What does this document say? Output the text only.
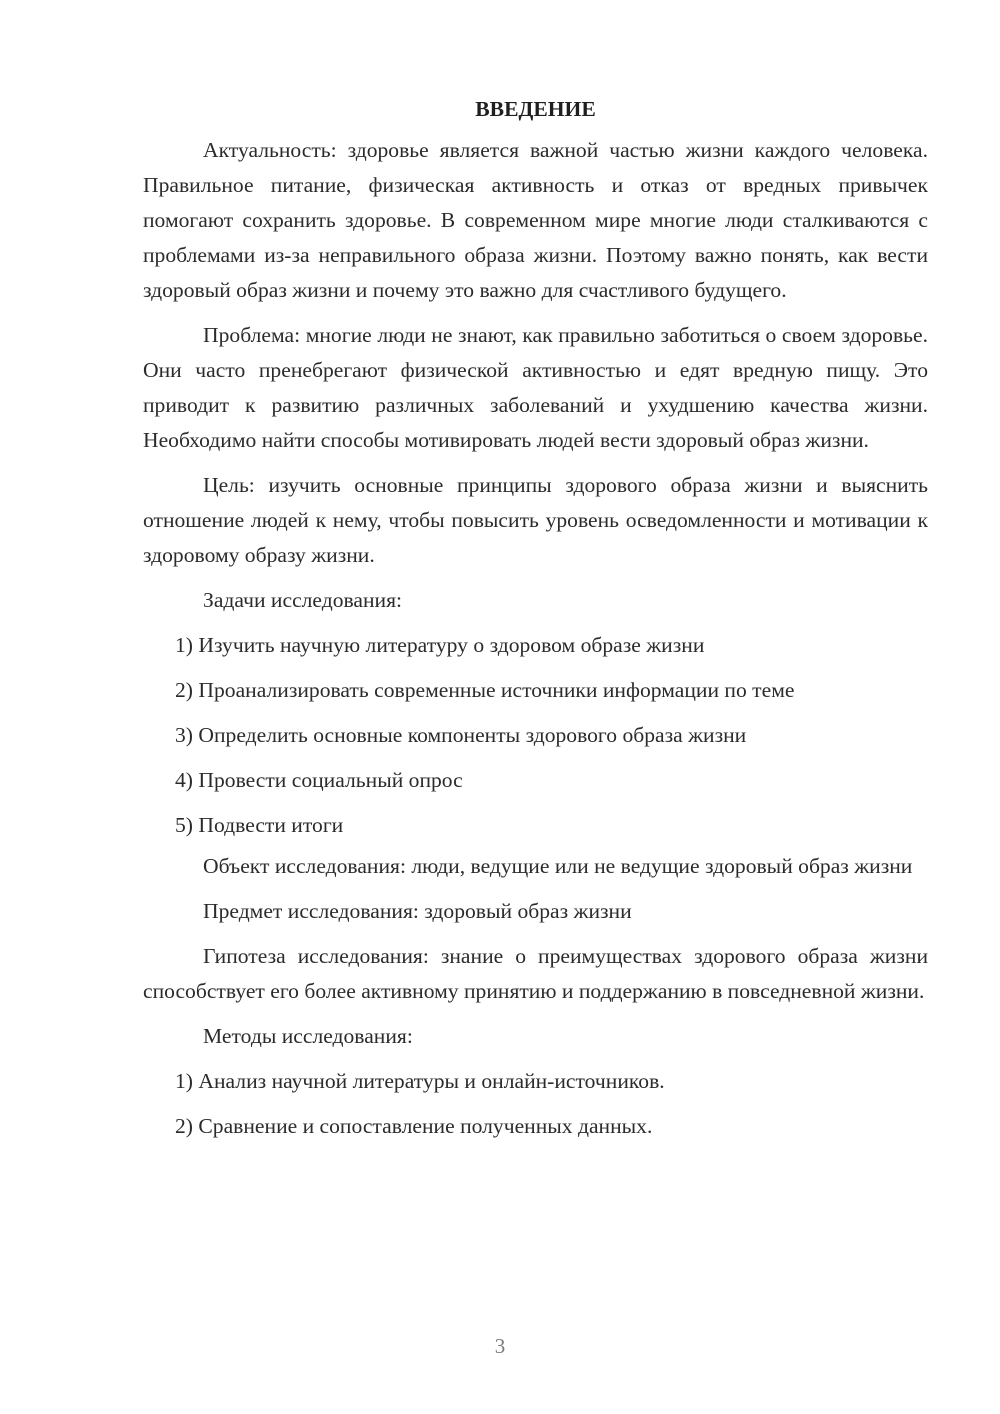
ВВЕДЕНИЕ

Актуальность: здоровье является важной частью жизни каждого человека. Правильное питание, физическая активность и отказ от вредных привычек помогают сохранить здоровье. В современном мире многие люди сталкиваются с проблемами из-за неправильного образа жизни. Поэтому важно понять, как вести здоровый образ жизни и почему это важно для счастливого будущего.

Проблема: многие люди не знают, как правильно заботиться о своем здоровье. Они часто пренебрегают физической активностью и едят вредную пищу. Это приводит к развитию различных заболеваний и ухудшению качества жизни. Необходимо найти способы мотивировать людей вести здоровый образ жизни.

Цель: изучить основные принципы здорового образа жизни и выяснить отношение людей к нему, чтобы повысить уровень осведомленности и мотивации к здоровому образу жизни.

Задачи исследования:

1) Изучить научную литературу о здоровом образе жизни

2) Проанализировать современные источники информации по теме

3) Определить основные компоненты здорового образа жизни

4) Провести социальный опрос

5) Подвести итоги

Объект исследования: люди, ведущие или не ведущие здоровый образ жизни

Предмет исследования: здоровый образ жизни

Гипотеза исследования: знание о преимуществах здорового образа жизни способствует его более активному принятию и поддержанию в повседневной жизни.

Методы исследования:

1) Анализ научной литературы и онлайн-источников.

2) Сравнение и сопоставление полученных данных.

3
